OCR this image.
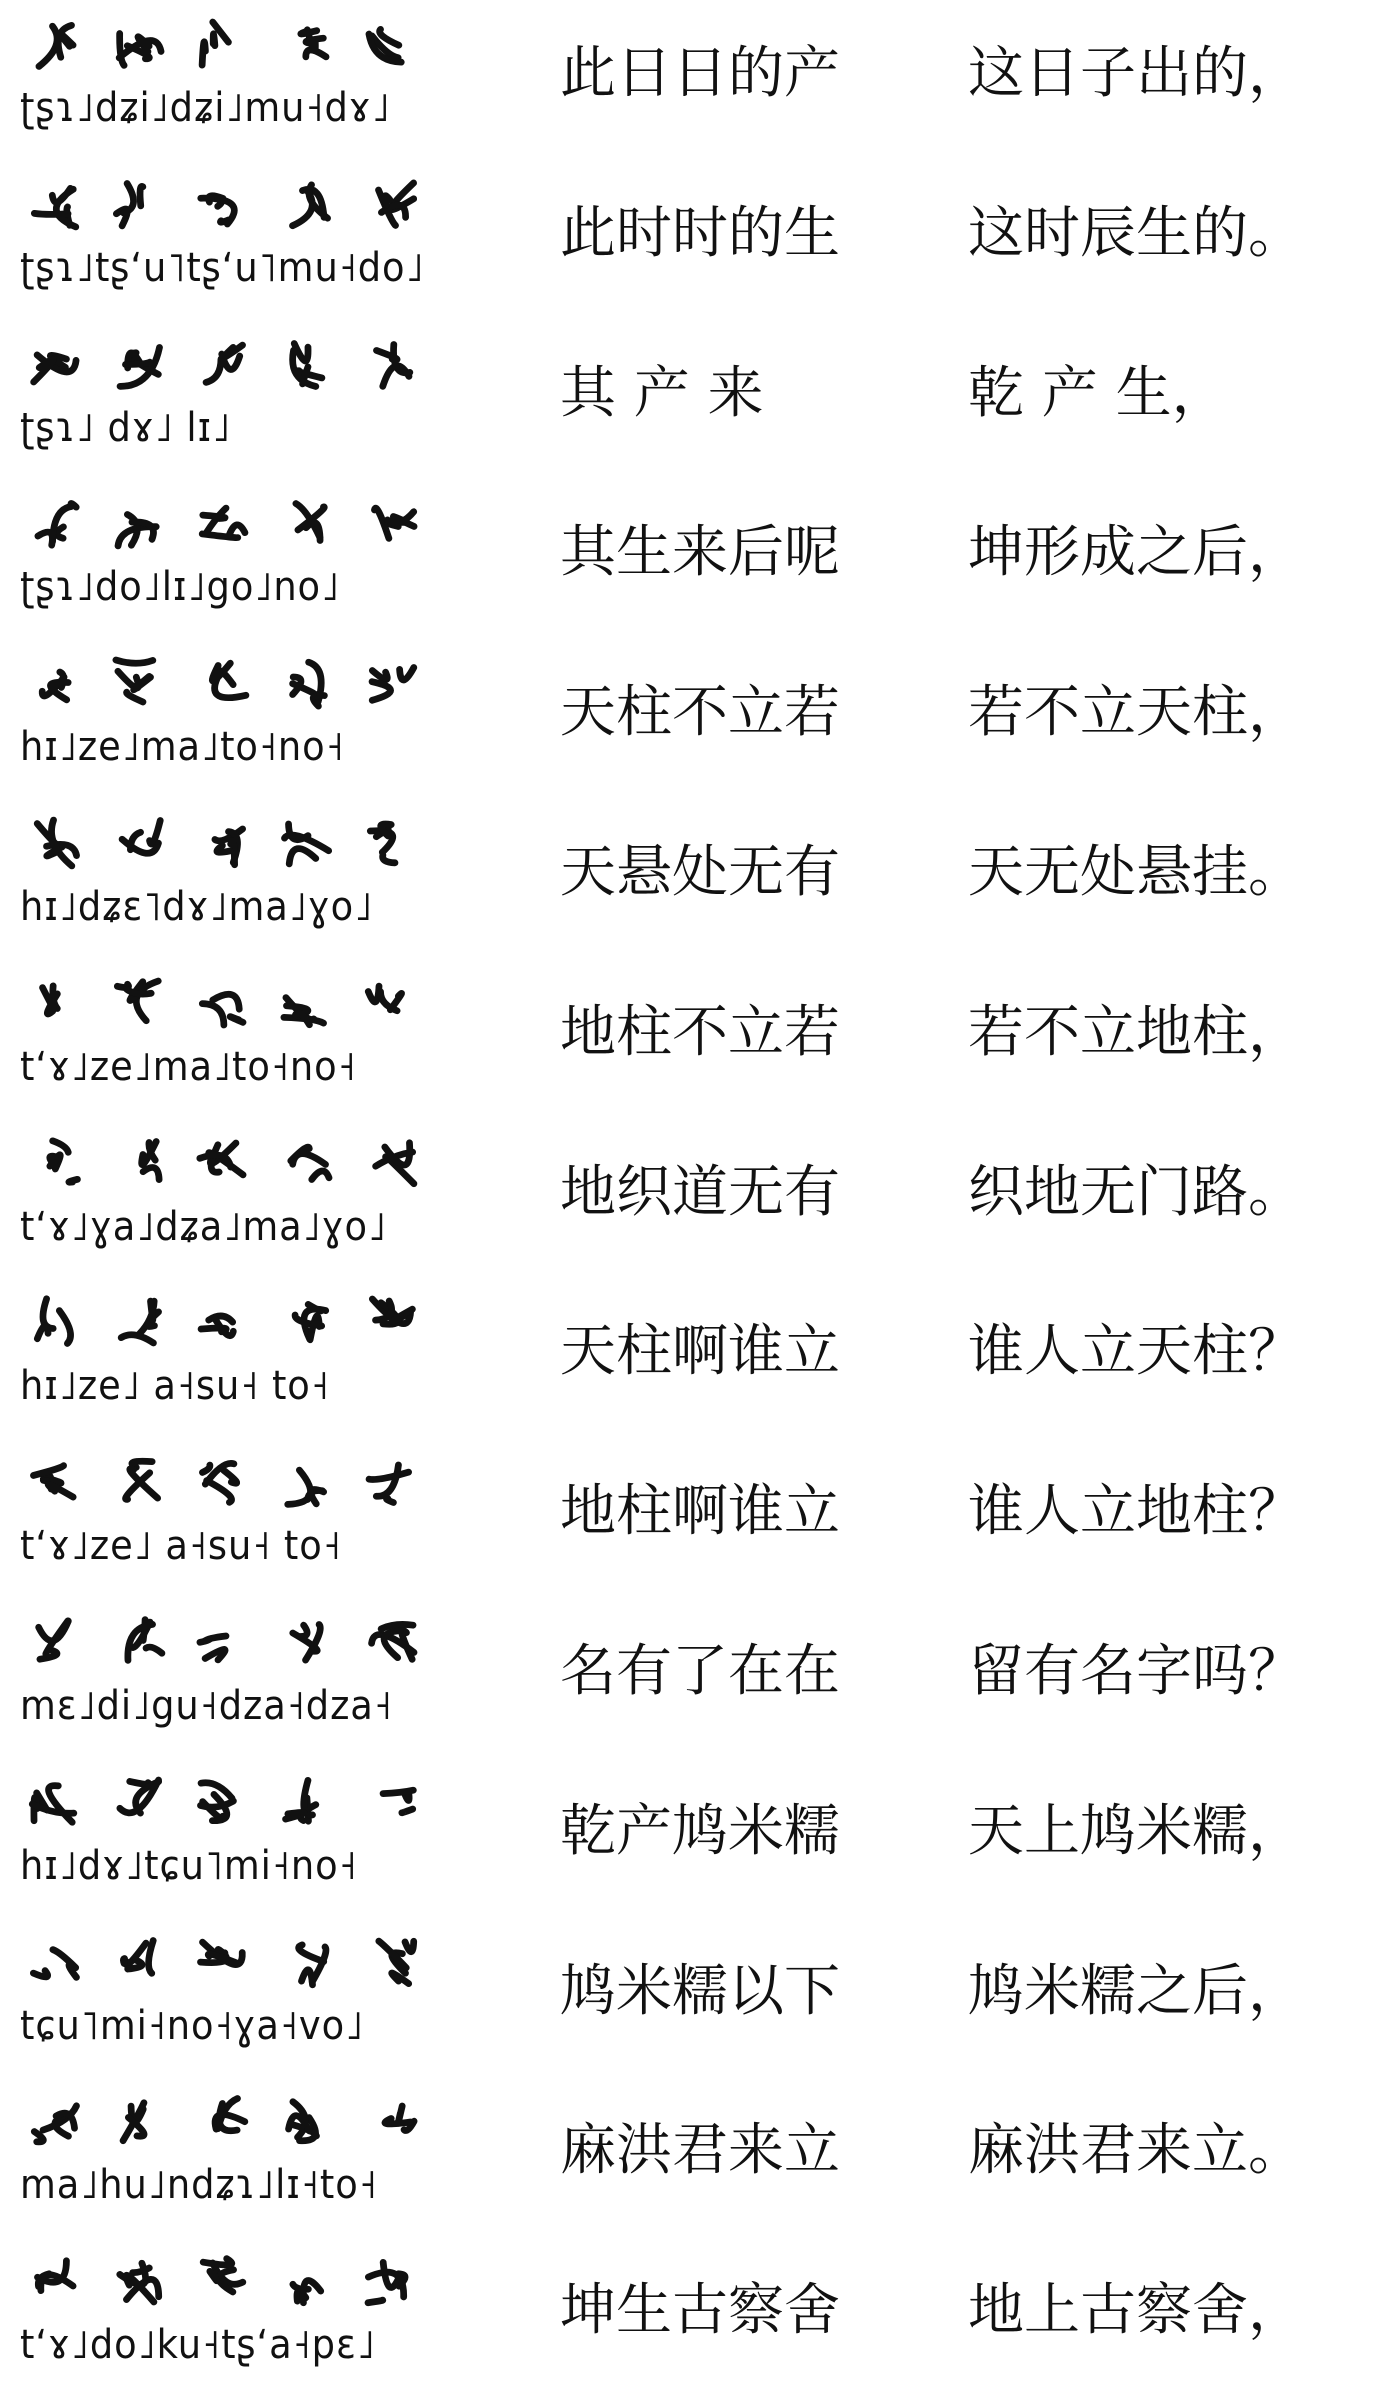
ʈʂɿ˩dʑi˩dʑi˩mu˧dɤ˩
此日日的产 这日子出的，
ʈʂɿ˩tʂʻu˥tʂʻu˥mu˧do˩
此时时的生 这时辰生的。
ʈʂɿ˩ dɤ˩ lɪ˩
其 产 来	乾 产 生，
ʈʂɿ˩do˩lɪ˩go˩no˩
其生来后呢 坤形成之后，
hɪ˩ze˩ma˩to˧no˧
天柱不立若 若不立天柱，
hɪ˩dʑɛ˥dɤ˩ma˩ɣo˩
天悬处无有 天无处悬挂。
tʻɤ˩ze˩ma˩to˧no˧
地柱不立若 若不立地柱，
tʻɤ˩ɣa˩dʑa˩ma˩ɣo˩
地织道无有 织地无门路。
hɪ˩ze˩ a˧su˧ to˧
天柱啊谁立 谁人立天柱？
tʻɤ˩ze˩ a˧su˧ to˧
地柱啊谁立 谁人立地柱？
mɛ˩di˩gu˧dza˧dza˧
名有了在在 留有名字吗？
hɪ˩dɤ˩tɕu˥mi˧no˧
乾产鸠米糯 天上鸠米糯，
tɕu˥mi˧no˧ɣa˧vo˩
鸠米糯以下 鸠米糯之后，
ma˩hu˩ndʑɿ˩lɪ˧to˧
麻洪君来立 麻洪君来立。
tʻɤ˩do˩ku˧tʂʻa˧pɛ˩
坤生古察舍 地上古察舍，
